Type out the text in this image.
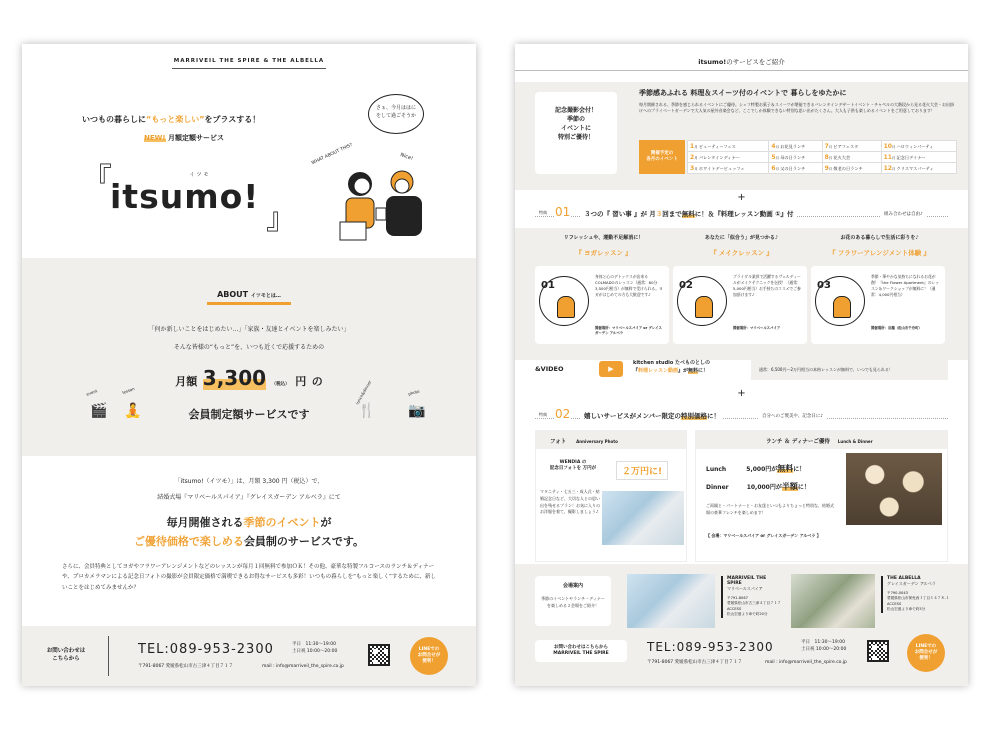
MARRIVEIL THE SPIRE & THE ALBELLA
いつもの暮らしに“もっと楽しい”をプラスする！
NEW! 月額定額サービス
『	イツモ
itsumo!
』
さぁ、今月ははにをして過ごそうか
WHAT ABOUT THIS?	Nice!
ABOUT イツモとは…
「何か新しいことをはじめたい…」「家族・友達とイベントを楽しみたい」
そんな皆様の“もっと”を、いつも近くで応援するための
月額 3,300 （税込） 円 の
会員制定額サービスです
event
🎬
lesson
🧘
lunch&dinner
🍴
photo
📷
「itsumo!（イツモ）」は、月額 3,300 円（税込）で、
結婚式場『マリベールスパイア』『グレイスガーデン アルベラ』にて
毎月開催される季節のイベントが
ご優待価格で楽しめる会員制のサービスです。
さらに、会員特典としてヨガやフラワーアレンジメントなどのレッスンが毎月１回無料で参加ＯＫ！その他、豪華な特製フルコースのランチ＆ディナーや、プロカメラマンによる記念日フォトの撮影が会員限定価格で満喫できるお得なサービスも多彩！いつもの暮らしを“もっと楽しく”するために、新しいことをはじめてみませんか？
お問い合わせは
こちらから
TEL:089-953-2300	平日　11:30〜19:00
土日祝 10:00〜20:00
〒791-8067 愛媛県松山市古三津４丁目７１７	mail : info@marriveil_the_spire.co.jp
LINEでの
お問合せが
便利！
itsumo!のサービスをご紹介
記念撮影会付！
季節の
イベントに
特別ご優待！
季節感あふれる 料理＆スイーツ付のイベントで 暮らしをゆたかに
毎月開催される、季節を感じられるイベントにご優待。シェフ特製お菓子＆スイーツが堪能できるバレンタインデザートイベント・チャペルの大階段から見る花火大会・お出掛けへのプライベートガーデンで大人気の屋外音楽会など、ここでしか体験できない特別な思い出がたくさん。大人も子供も楽しめるイベントをご用意しております！
開催予定の
各月のイベント
1月 ビューティーフェス	4月 お花見ランチ	7月 ビアフェスタ	10月 ハロウィンパーティ
2月 バレンタインディナー	5月 母の日ランチ	8月 花火大会	11月 記念日デイナー
3月 ホワイトデービュッフェ	6月 父の日ランチ	9月 敬老の日ランチ	12月 クリスマスパーティ
+
特典 01	３つの『 習い事 』が 月３回まで無料に！＆『料理レッスン動画 ①』付	組み合わせは自由♪
リフレッシュや、運動不足解消に！
『 ヨガレッスン 』
01
身体と心のデトックスが出来るCOLMADOのレッスン（通常：60分 3,500円相当）が無料で受けられる。ヨガがはじめての方も大歓迎です♪
開催場所：マリベールスパイア or グレイスガーデン アルベラ
あなたに「似合う」が見つかる♪
『 メイクレッスン 』
02
ブライダル業界で活躍するヴェルディールがメイクテクニックを伝授！（通常：5,000円相当）お手持ちのコスメでご参加頂けます♪
開催場所：マリベールスパイア
お花のある暮らしで生活に彩りを♪
『 フラワーアレンジメント体験 』
03
季節・華やかな気持ちになれるお花が創！『the Flower Apartment』のレッスン＆ワークショップが無料に！（通常：4,000円相当）
開催場所：店舗（松山市千舟町）
&VIDEO	▶
kitchen studio たべものとしの
『料理レッスン動画』が無料に！	通常：6,500円〜2万円相当の本格レッスンが無料で、いつでも見られる！
+
特典 02	嬉しいサービスがメンバー限定の特別価格に！	自分へのご褒美や、記念日に♪
フォト Anniversary Photo
WENDIA の
記念日フォトを 万円が	２万円に!
マタニティ・七五三・成人式・結婚記念日など、大切な人との思い出を残せるプラン！お気に入りのお洋服を着て、撮影しましょう♪
ランチ ＆ ディナーご優待 Lunch & Dinner
Lunch	5,000円が無料に！
Dinner	10,000円が半額に！
ご両親と・パートナーと・お友達といつもよりちょっと特別な、結婚式場の豪華フレンチを楽しめます！
【 会場：マリベールスパイア or グレイスガーデン アルベラ 】
会場案内
季節のイベントやランチ・ディナーを楽しめる２会場をご紹介！
MARRIVEIL THE SPIRE
マリベールスパイア
〒791-8067
愛媛県松山市古三津４丁目７１７
ACCESS
松山空港より車で約20分
THE ALBELLA
グレイスガーデン アルベラ
〒790-0043
愛媛県松山市保免西１丁目１４７８-１
ACCESS
松山空港より車で約5分
お問い合わせはこちらから
MARRIVEIL THE SPIRE	TEL:089-953-2300	平日　11:30〜19:00
土日祝 10:00〜20:00
〒791-8067 愛媛県松山市古三津４丁目７１７	mail : info@marriveil_the_spire.co.jp
LINEでの
お問合せが
便利！
